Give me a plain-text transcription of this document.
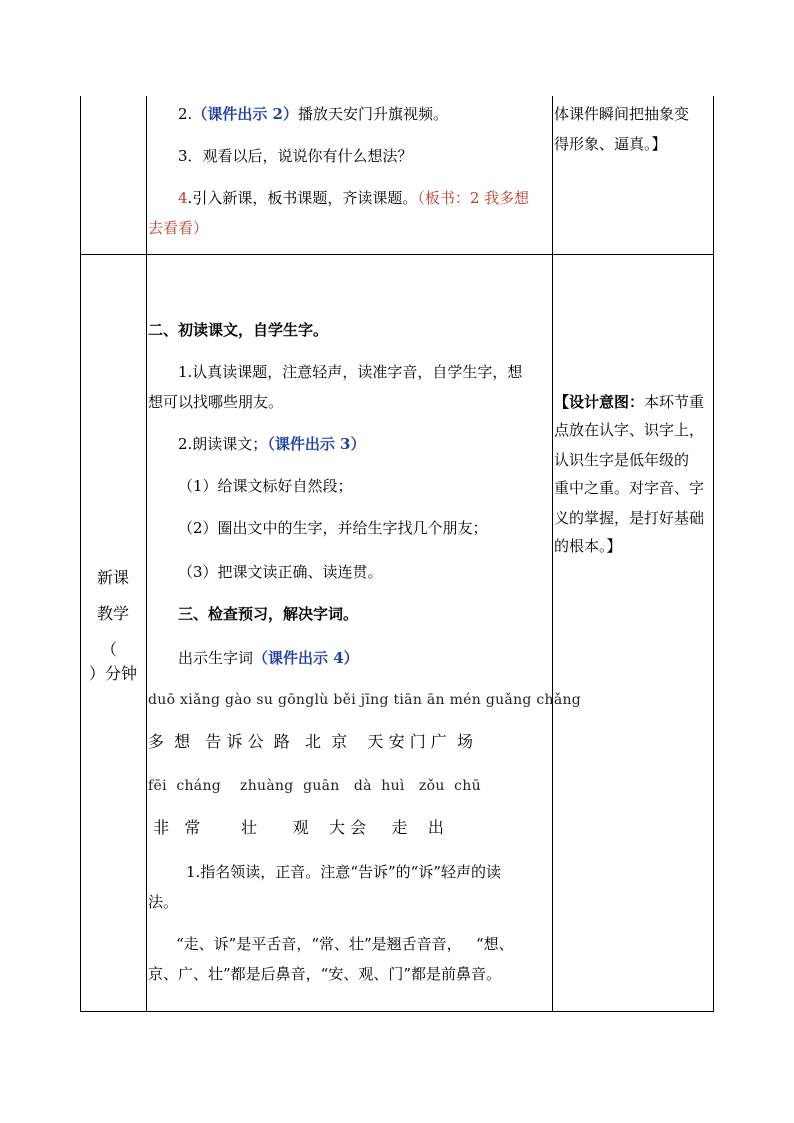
2.（课件出示 2）播放天安门升旗视频。
3．观看以后，说说你有什么想法？
4.引入新课，板书课题，齐读课题。（板书：2 我多想
去看看）
体课件瞬间把抽象变
得形象、逼真。】
新课
教学
（
）分钟
二、初读课文，自学生字。
1.认真读课题，注意轻声，读准字音，自学生字，想
想可以找哪些朋友。
2.朗读课文；（课件出示 3）
（1）给课文标好自然段；
（2）圈出文中的生字，并给生字找几个朋友；
（3）把课文读正确、读连贯。
三、检查预习，解决字词。
出示生字词（课件出示 4）
duō xiǎng gào su gōnglù běi jīng tiān ān mén guǎng chǎng
多  想   告 诉 公  路   北  京    天 安 门 广  场
fēi  cháng    zhuàng  guān   dà  huì   zǒu  chū
非   常        壮       观    大 会     走    出
1.指名领读，正音。注意“告诉”的“诉”轻声的读
法。
“走、诉”是平舌音，“常、壮”是翘舌音音，   “想、
京、广、壮”都是后鼻音，“安、观、门”都是前鼻音。
【设计意图：本环节重
点放在认字、识字上，
认识生字是低年级的
重中之重。对字音、字
义的掌握，是打好基础
的根本。】
